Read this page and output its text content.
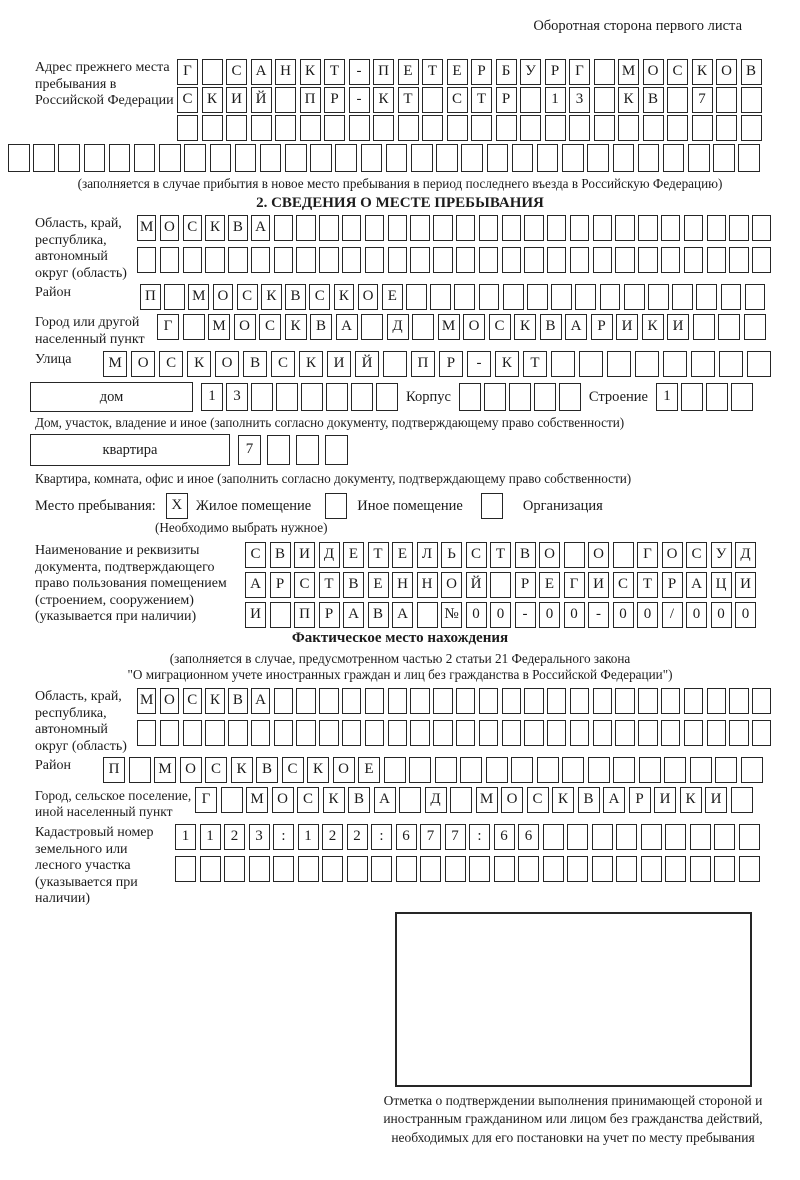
Оборотная сторона первого листа
Адрес прежнего места пребывания в Российской Федерации
Г	С А Н К Т	-	П Е	Т	Е	Р	Б У	Р	Г	М О С К О В
С К И Й	П Р	-	К Т	С Т	Р	1	3	К В	7
(заполняется в случае прибытия в новое место пребывания в период последнего въезда в Российскую Федерацию)
2. СВЕДЕНИЯ О МЕСТЕ ПРЕБЫВАНИЯ
Область, край, республика, автономный округ (область)
М О С К В А
Район	П	М О С К В С К О Е
Город или другой населенный пункт
Г	М О	С	К	В	А	Д	М О	С	К	В	А	Р	И	К	И
Улица	М	О	С	К	О	В	С	К	И	Й	П	Р	-	К	Т
дом	1	3	Корпус	Строение	1
Дом, участок, владение и иное (заполнить согласно документу, подтверждающему право собственности)
квартира	7
Квартира, комната, офис и иное (заполнить согласно документу, подтверждающему право собственности)
Место пребывания:	X Жилое помещение	Иное помещение	Организация
(Необходимо выбрать нужное)
Наименование и реквизиты документа, подтверждающего право пользования помещением (строением, сооружением) (указывается при наличии)
С В И Д Е	Т	Е Л	Ь	С Т В О	О	Г О С У Д
А Р	С Т В Е Н Н О Й	Р	Е	Г И С Т	Р А Ц И
И	П Р А В А	№ 0	0	-	0	0	-	0	0	/	0	0	0
Фактическое место нахождения
(заполняется в случае, предусмотренном частью 2 статьи 21 Федерального закона
"О миграционном учете иностранных граждан и лиц без гражданства в Российской Федерации")
Область, край, республика, автономный округ (область)
М О С К В А
Район	П	М О	С	К	В	С	К	О	Е
Город, сельское поселение, иной населенный пункт
Г	М О	С	К	В	А	Д	М О	С	К	В	А	Р	И	К	И
Кадастровый номер земельного или лесного участка (указывается при наличии)
1	1	2	3	:	1	2	2	:	6	7	7	:	6	6
Отметка о подтверждении выполнения принимающей стороной и иностранным гражданином или лицом без гражданства действий, необходимых для его постановки на учет по месту пребывания
